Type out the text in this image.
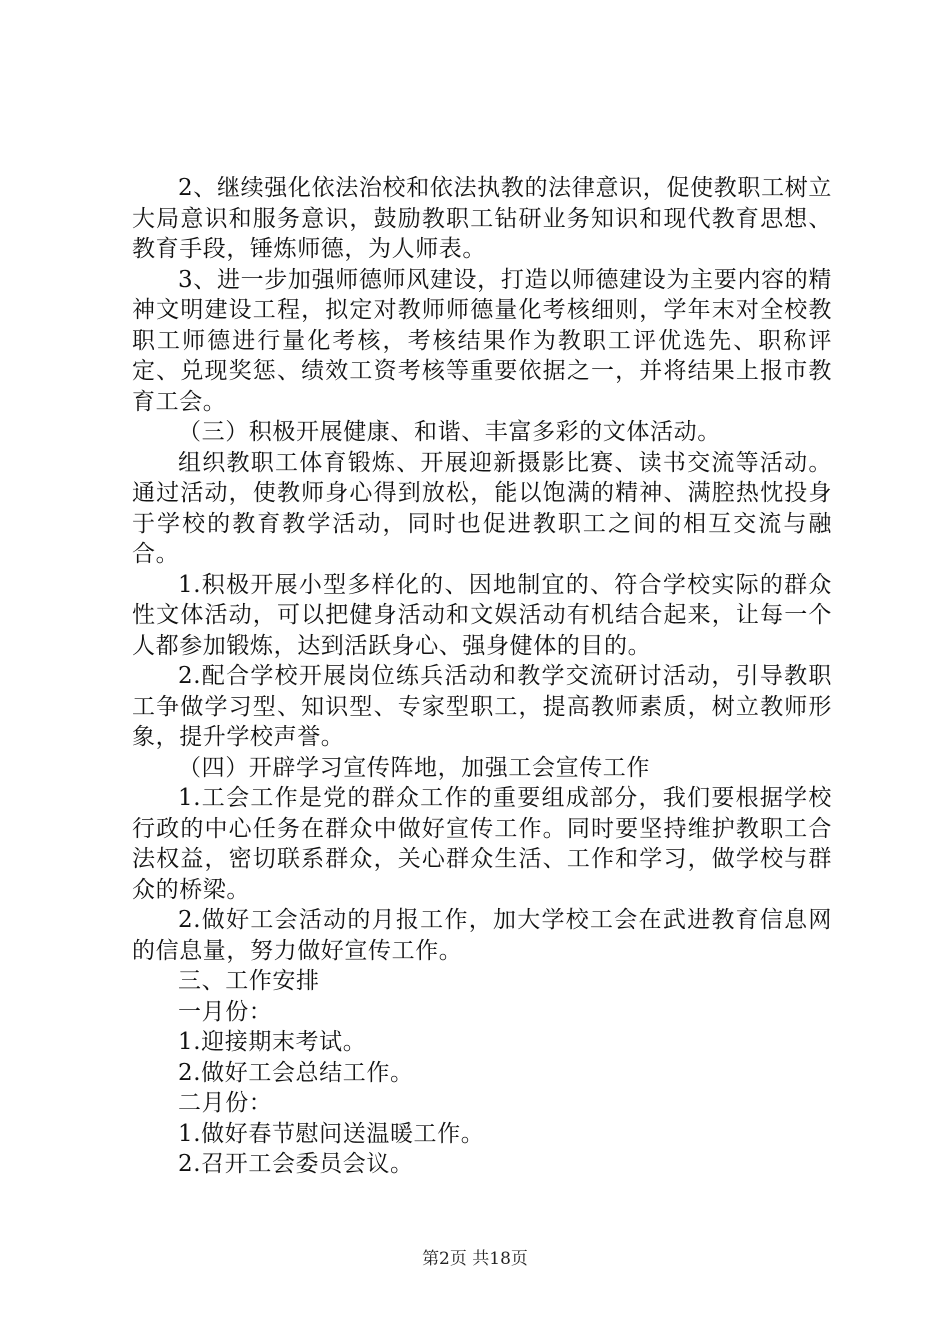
2、继续强化依法治校和依法执教的法律意识，促使教职工树立大局意识和服务意识，鼓励教职工钻研业务知识和现代教育思想、教育手段，锤炼师德，为人师表。

3、进一步加强师德师风建设，打造以师德建设为主要内容的精神文明建设工程，拟定对教师师德量化考核细则，学年末对全校教职工师德进行量化考核，考核结果作为教职工评优选先、职称评定、兑现奖惩、绩效工资考核等重要依据之一，并将结果上报市教育工会。

（三）积极开展健康、和谐、丰富多彩的文体活动。

组织教职工体育锻炼、开展迎新摄影比赛、读书交流等活动。通过活动，使教师身心得到放松，能以饱满的精神、满腔热忱投身于学校的教育教学活动，同时也促进教职工之间的相互交流与融合。

1.积极开展小型多样化的、因地制宜的、符合学校实际的群众性文体活动，可以把健身活动和文娱活动有机结合起来，让每一个人都参加锻炼，达到活跃身心、强身健体的目的。

2.配合学校开展岗位练兵活动和教学交流研讨活动，引导教职工争做学习型、知识型、专家型职工，提高教师素质，树立教师形象，提升学校声誉。

（四）开辟学习宣传阵地，加强工会宣传工作

1.工会工作是党的群众工作的重要组成部分，我们要根据学校行政的中心任务在群众中做好宣传工作。同时要坚持维护教职工合法权益，密切联系群众，关心群众生活、工作和学习，做学校与群众的桥梁。

2.做好工会活动的月报工作，加大学校工会在武进教育信息网的信息量，努力做好宣传工作。

三、工作安排

一月份：

1.迎接期末考试。

2.做好工会总结工作。

二月份：

1.做好春节慰问送温暖工作。

2.召开工会委员会议。

第2页 共18页
